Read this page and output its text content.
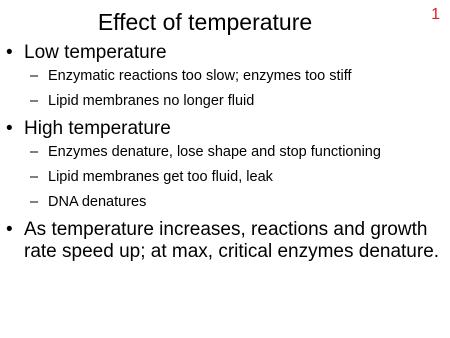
1
Effect of temperature
• Low temperature
– Enzymatic reactions too slow; enzymes too stiff
– Lipid membranes no longer fluid
• High temperature
– Enzymes denature, lose shape and stop functioning
– Lipid membranes get too fluid, leak
– DNA denatures
• As temperature increases, reactions and growth rate speed up; at max, critical enzymes denature.
